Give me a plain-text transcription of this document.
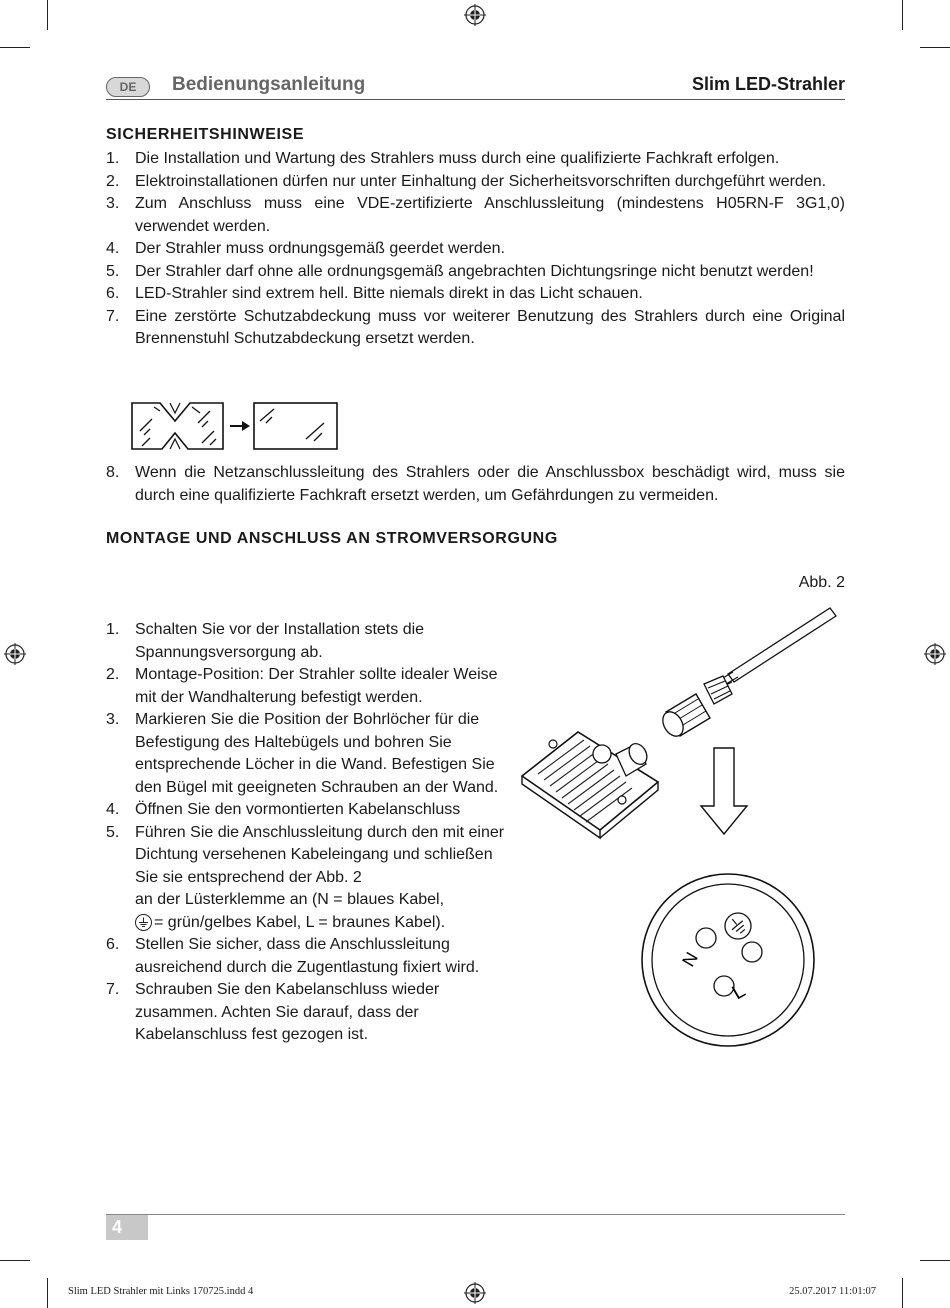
DE	Bedienungsanleitung	Slim LED-Strahler
SICHERHEITSHINWEISE
1. Die Installation und Wartung des Strahlers muss durch eine qualifizierte Fachkraft erfolgen.
2. Elektroinstallationen dürfen nur unter Einhaltung der Sicherheitsvorschriften durchgeführt werden.
3. Zum Anschluss muss eine VDE-zertifizierte Anschlussleitung (mindestens H05RN-F 3G1,0) verwendet werden.
4. Der Strahler muss ordnungsgemäß geerdet werden.
5. Der Strahler darf ohne alle ordnungsgemäß angebrachten Dichtungsringe nicht benutzt werden!
6. LED-Strahler sind extrem hell. Bitte niemals direkt in das Licht schauen.
7. Eine zerstörte Schutzabdeckung muss vor weiterer Benutzung des Strahlers durch eine Original Brennenstuhl Schutzabdeckung ersetzt werden.
8. Wenn die Netzanschlussleitung des Strahlers oder die Anschlussbox beschädigt wird, muss sie durch eine qualifizierte Fachkraft ersetzt werden, um Gefährdungen zu vermeiden.
MONTAGE UND ANSCHLUSS AN STROMVERSORGUNG
Abb. 2
1. Schalten Sie vor der Installation stets die Spannungsversorgung ab.
2. Montage-Position: Der Strahler sollte idealer Weise mit der Wandhalterung befestigt werden.
3. Markieren Sie die Position der Bohrlöcher für die Befestigung des Haltebügels und bohren Sie entsprechende Löcher in die Wand. Befestigen Sie den Bügel mit geeigneten Schrauben an der Wand.
4. Öffnen Sie den vormontierten Kabelanschluss
5. Führen Sie die Anschlussleitung durch den mit einer Dichtung versehenen Kabeleingang und schließen Sie sie entsprechend der Abb. 2
an der Lüsterklemme an (N = blaues Kabel,

= grün/gelbes Kabel, L = braunes Kabel).
6. Stellen Sie sicher, dass die Anschlussleitung ausreichend durch die Zugentlastung fixiert wird.
7. Schrauben Sie den Kabelanschluss wieder zusammen. Achten Sie darauf, dass der Kabelanschluss fest gezogen ist.
N
L
4
Slim LED Strahler mit Links 170725.indd 4	25.07.2017 11:01:07
